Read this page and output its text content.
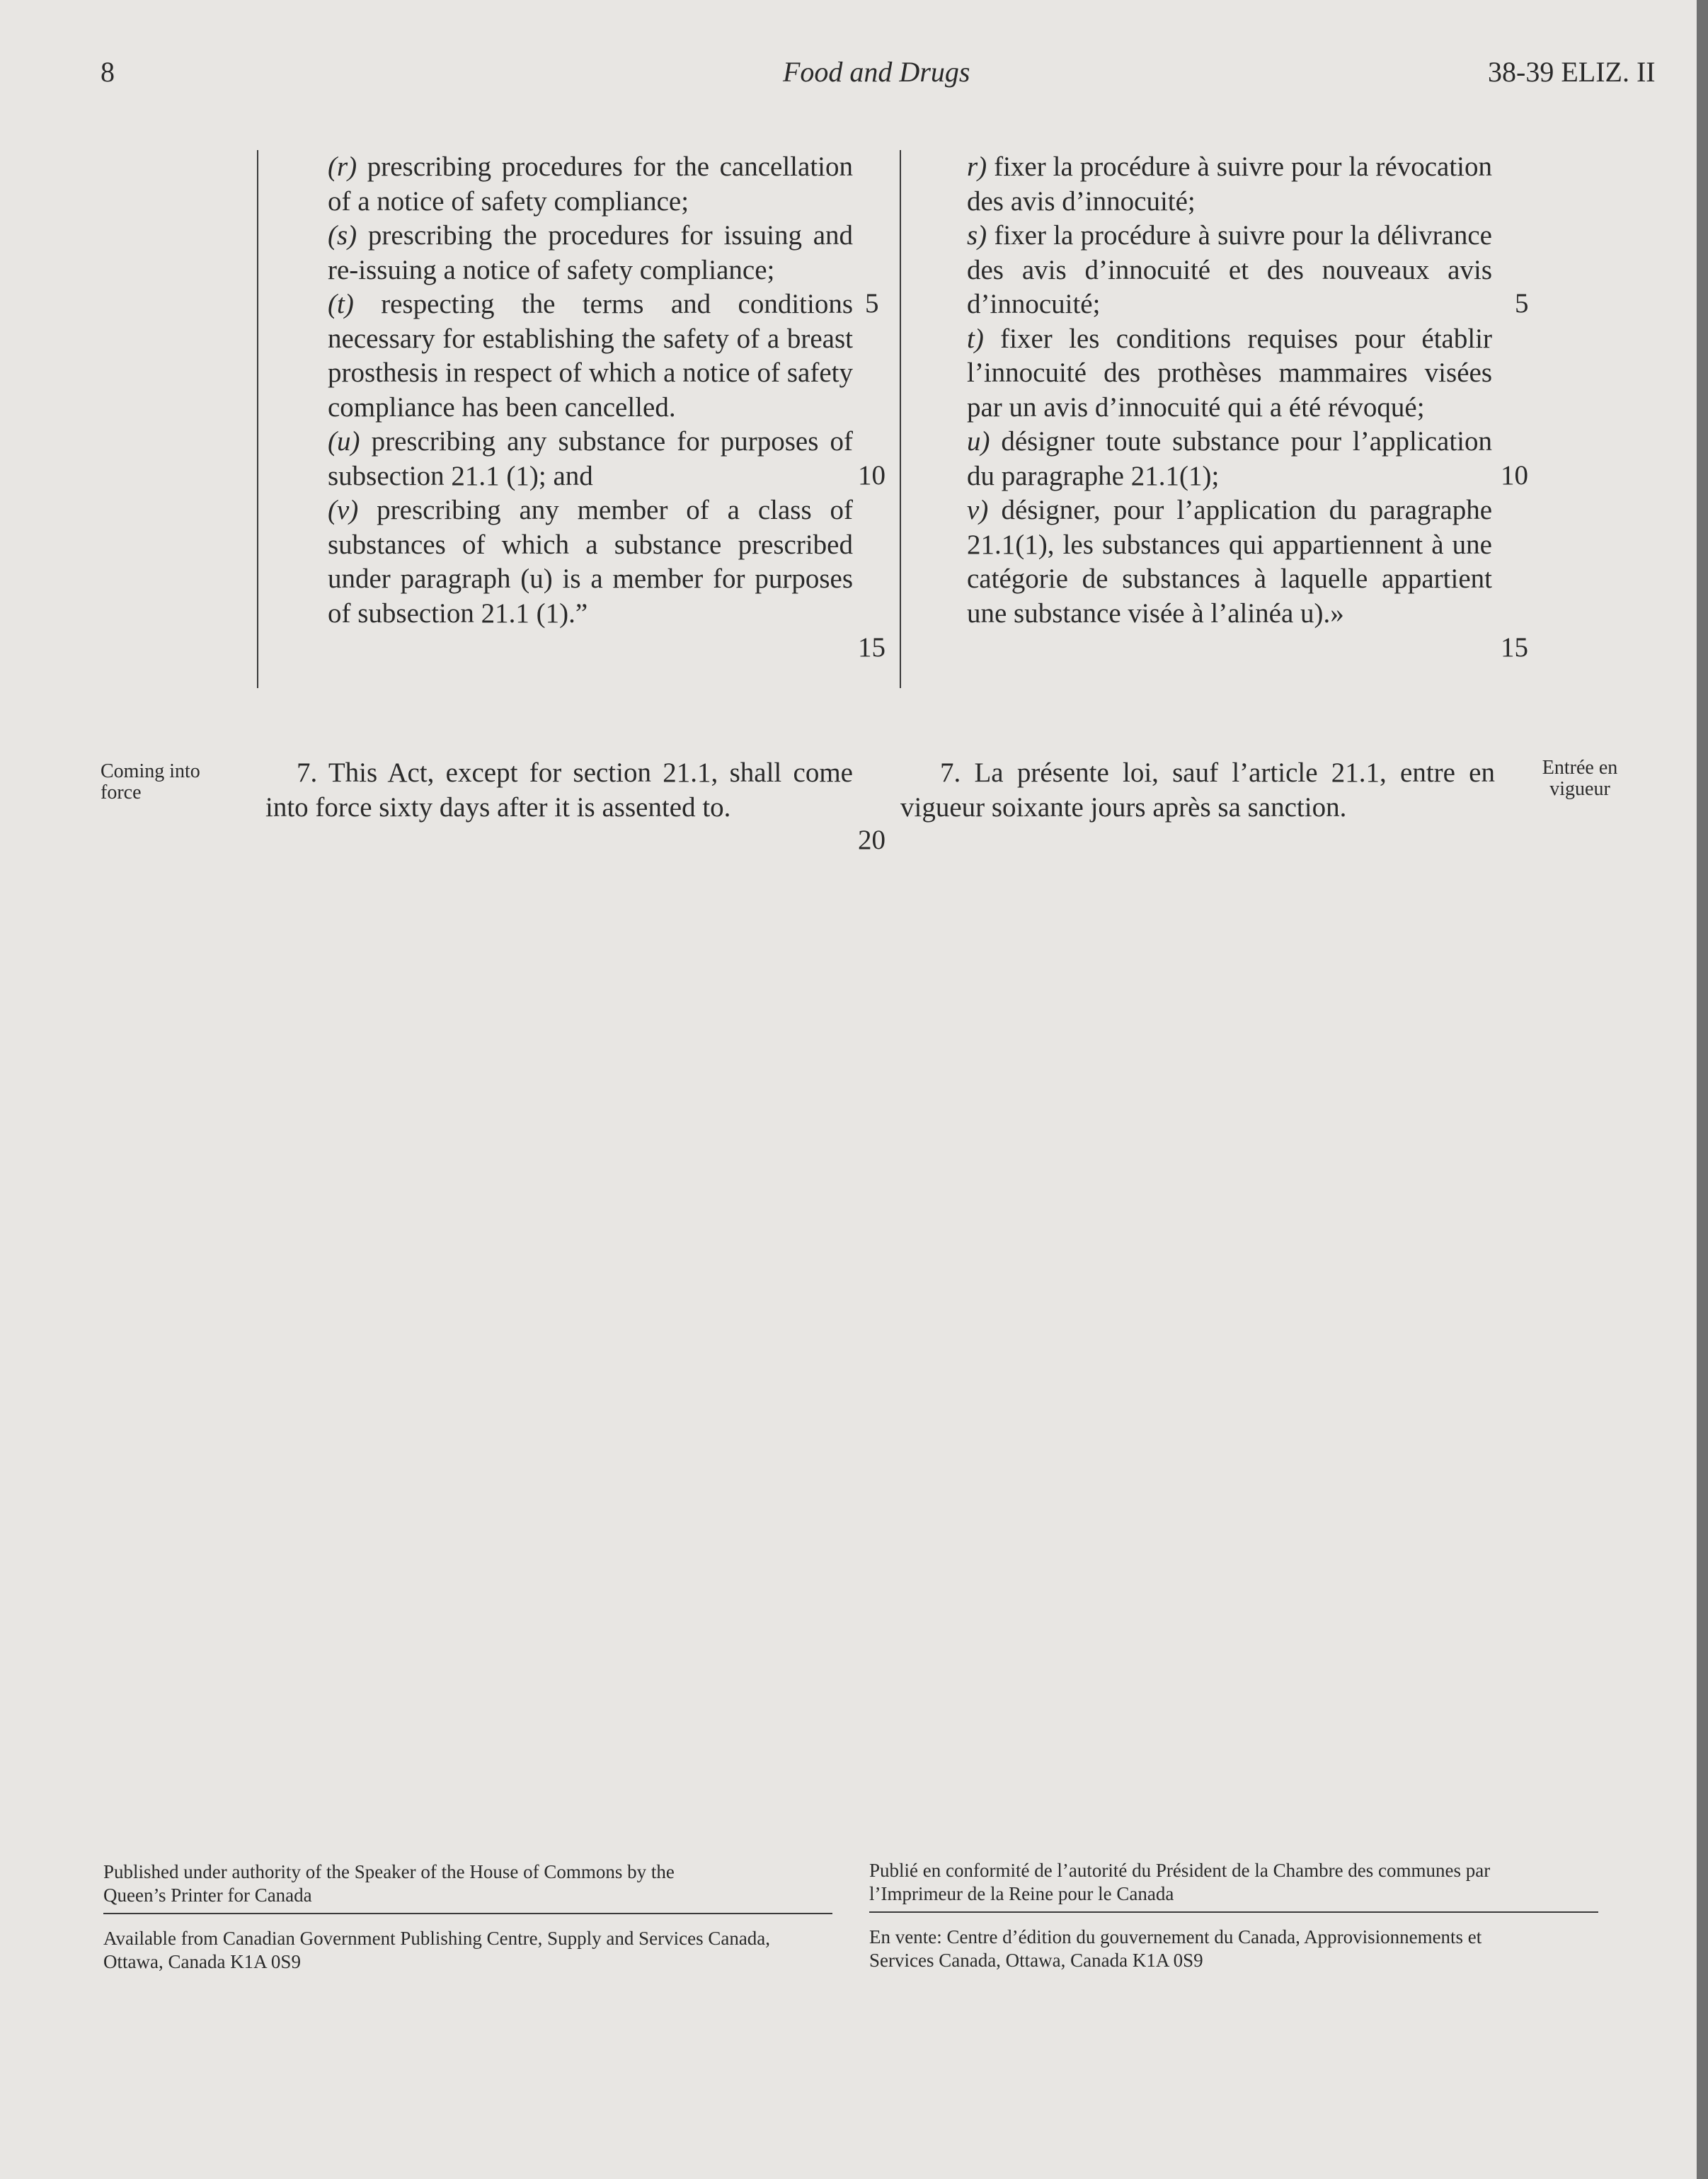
8	Food and Drugs	38-39 ELIZ. II

(r) prescribing procedures for the cancellation of a notice of safety compliance;

(s) prescribing the procedures for issuing and re-issuing a notice of safety compliance;

(t) respecting the terms and conditions necessary for establishing the safety of a breast prosthesis in respect of which a notice of safety compliance has been cancelled.

(u) prescribing any substance for purposes of subsection 21.1 (1); and

(v) prescribing any member of a class of substances of which a substance prescribed under paragraph (u) is a member for purposes of subsection 21.1 (1).”

5
10
15
20

r) fixer la procédure à suivre pour la révocation des avis d’innocuité;

s) fixer la procédure à suivre pour la délivrance des avis d’innocuité et des nouveaux avis d’innocuité;

t) fixer les conditions requises pour établir l’innocuité des prothèses mammaires visées par un avis d’innocuité qui a été révoqué;

u) désigner toute substance pour l’application du paragraphe 21.1(1);

v) désigner, pour l’application du paragraphe 21.1(1), les substances qui appartiennent à une catégorie de substances à laquelle appartient une substance visée à l’alinéa u).»

5
10
15
Coming into force
7. This Act, except for section 21.1, shall come into force sixty days after it is assented to.
7. La présente loi, sauf l’article 21.1, entre en vigueur soixante jours après sa sanction.
Entrée en vigueur
Published under authority of the Speaker of the House of Commons by the Queen’s Printer for Canada
Available from Canadian Government Publishing Centre, Supply and Services Canada, Ottawa, Canada K1A 0S9
Publié en conformité de l’autorité du Président de la Chambre des communes par l’Imprimeur de la Reine pour le Canada
En vente: Centre d’édition du gouvernement du Canada, Approvisionnements et Services Canada, Ottawa, Canada K1A 0S9
